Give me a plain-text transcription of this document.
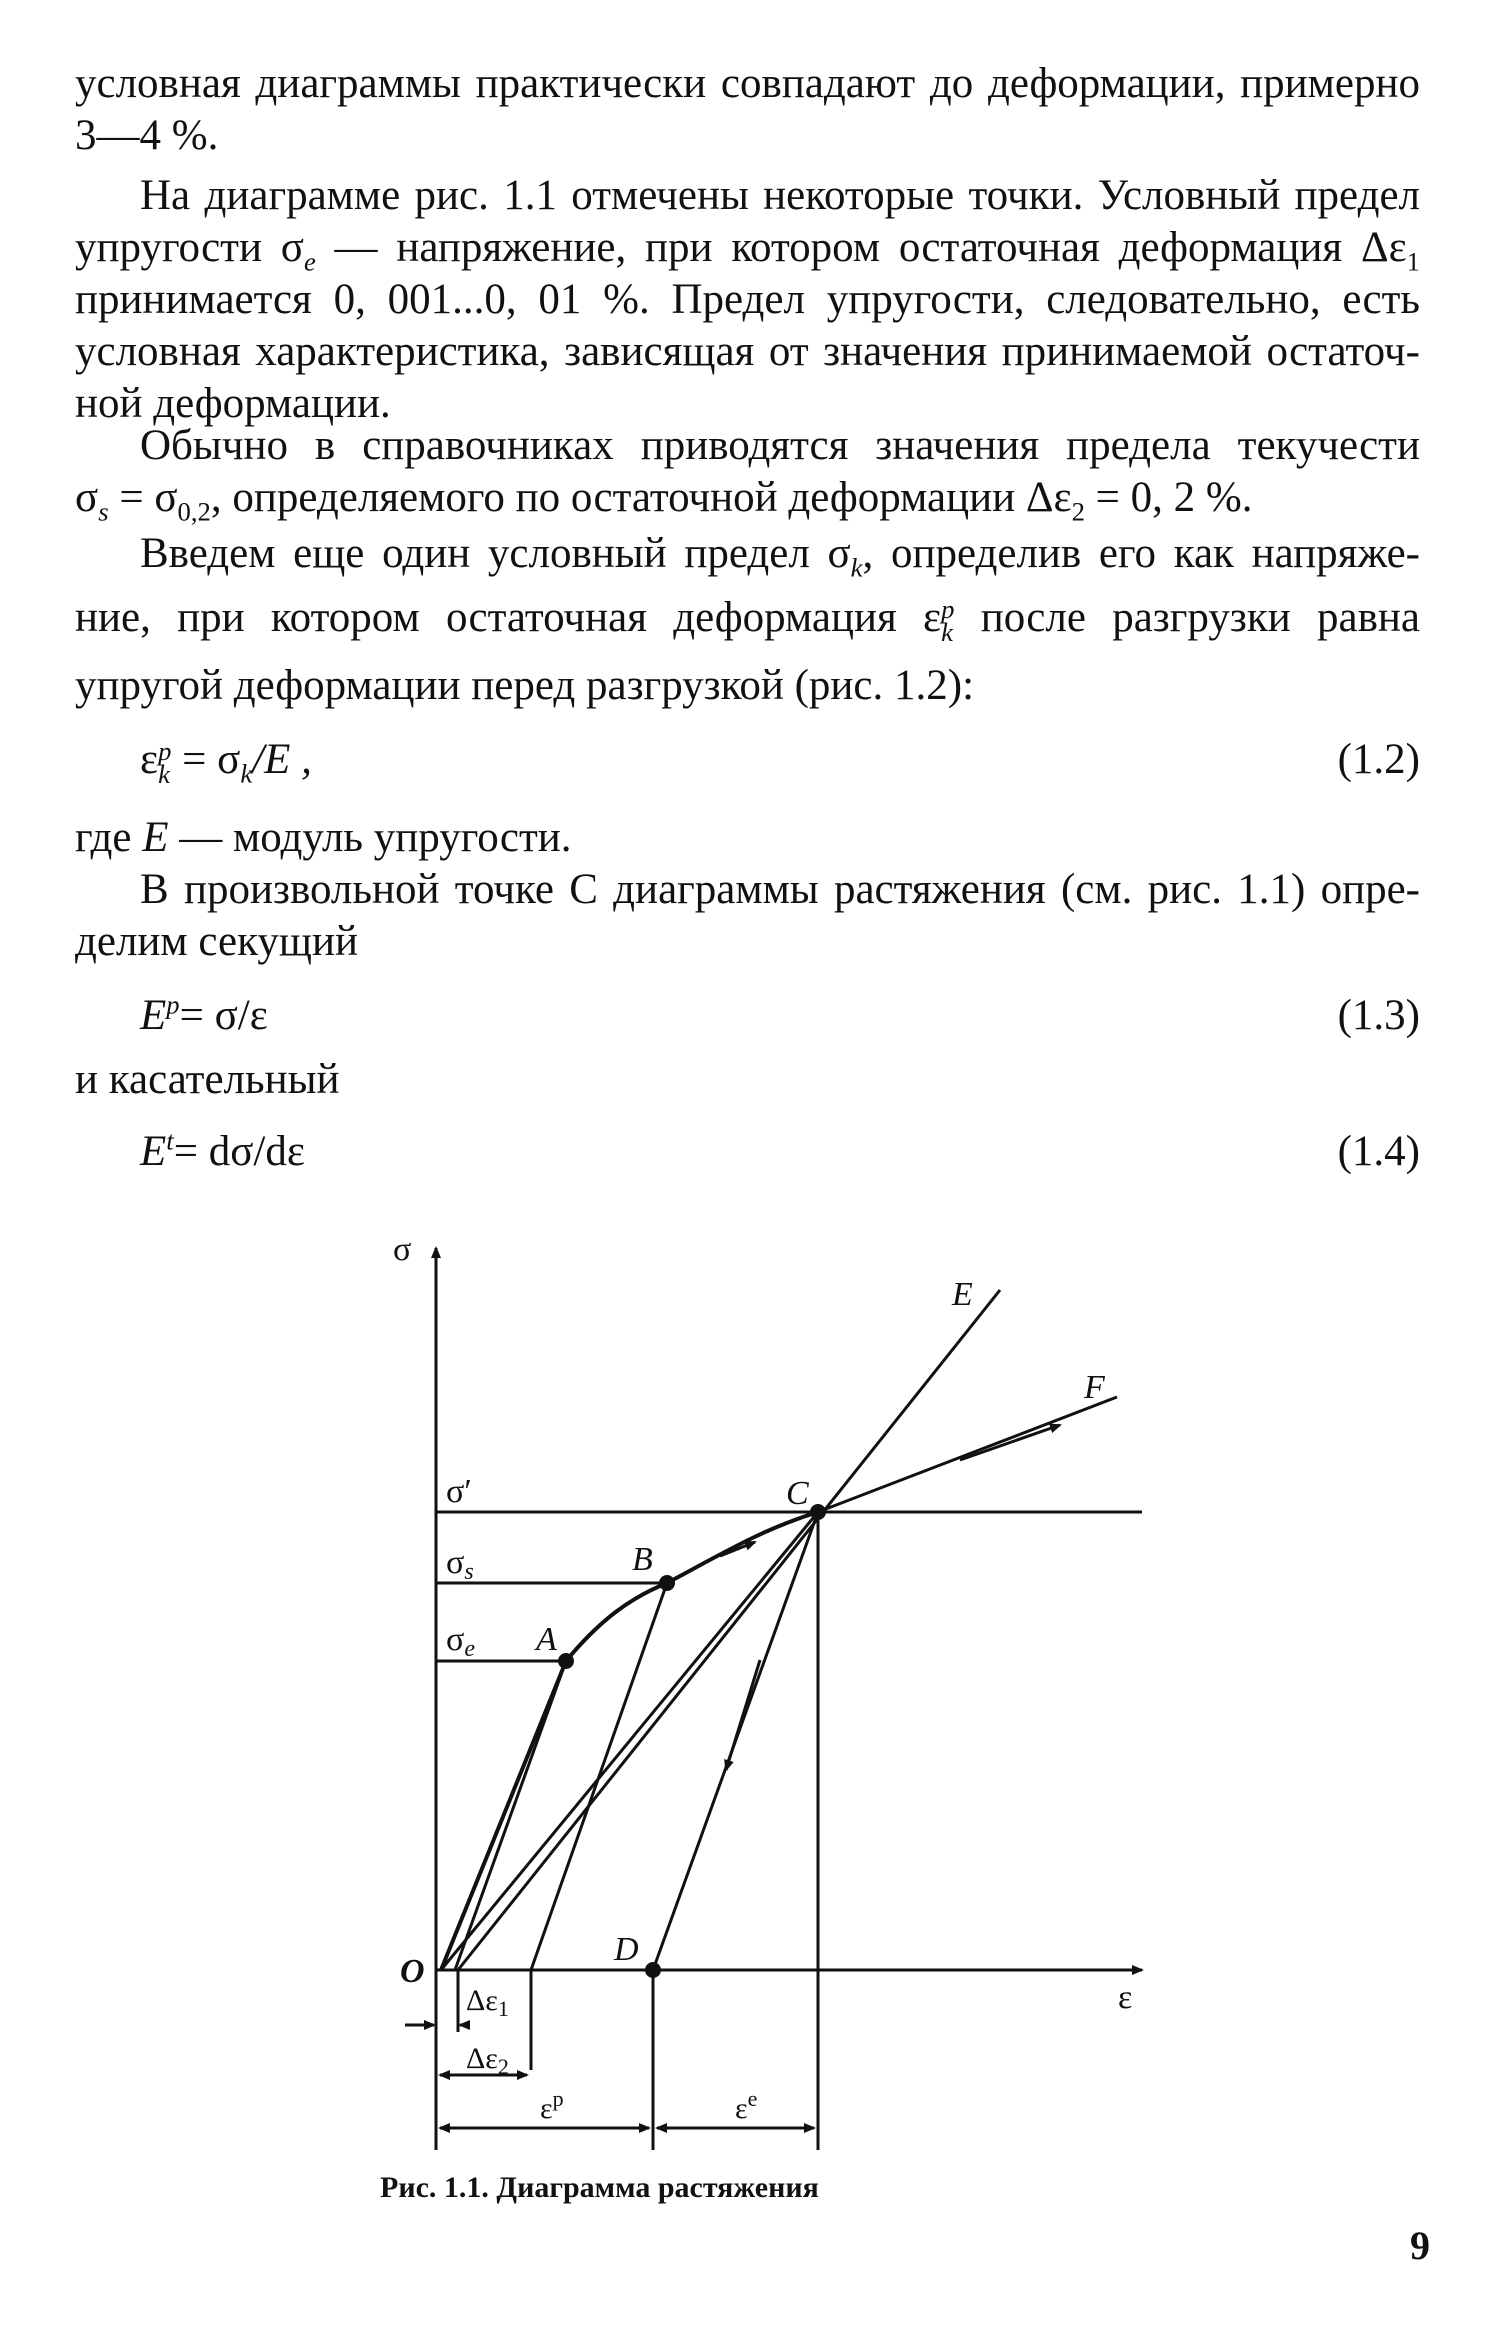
условная диаграммы практически совпадают до деформации, примерно
3—4 %.
На диаграмме рис. 1.1 отмечены некоторые точки. Условный предел
упругости $\sigma_e$ — напряжение, при котором остаточная деформация $\Delta\varepsilon_1$
принимается 0, 001...0, 01 %. Предел упругости, следовательно, есть
условная характеристика, зависящая от значения принимаемой остаточ-
ной деформации.
Обычно в справочниках приводятся значения предела текучести
$\sigma_s = \sigma_{0,2}$, определяемого по остаточной деформации $\Delta\varepsilon_2 = 0$, 2 %.
Введем еще один условный предел $\sigma_k$, определив его как напряже-
ние, при котором остаточная деформация ε p
k после разгрузки равна
упругой деформации перед разгрузкой (рис. 1.2):
ε p
$k = \sigma_k/E$ ,	(1.2)
где E — модуль упругости.
В произвольной точке C диаграммы растяжения (см. рис. 1.1) опре-
делим секущий
$E^p= \sigma/\varepsilon$	(1.3)
и касательный
$E^t= d\sigma/d\varepsilon$	(1.4)
σ
ε
O
E
F
C
B
A
D
σ′
σs
σe
$\Delta\varepsilon_1$
$\Delta\varepsilon_2$
$\varepsilon^p$	$\varepsilon^e$
Рис. 1.1. Диаграмма растяжения
9
